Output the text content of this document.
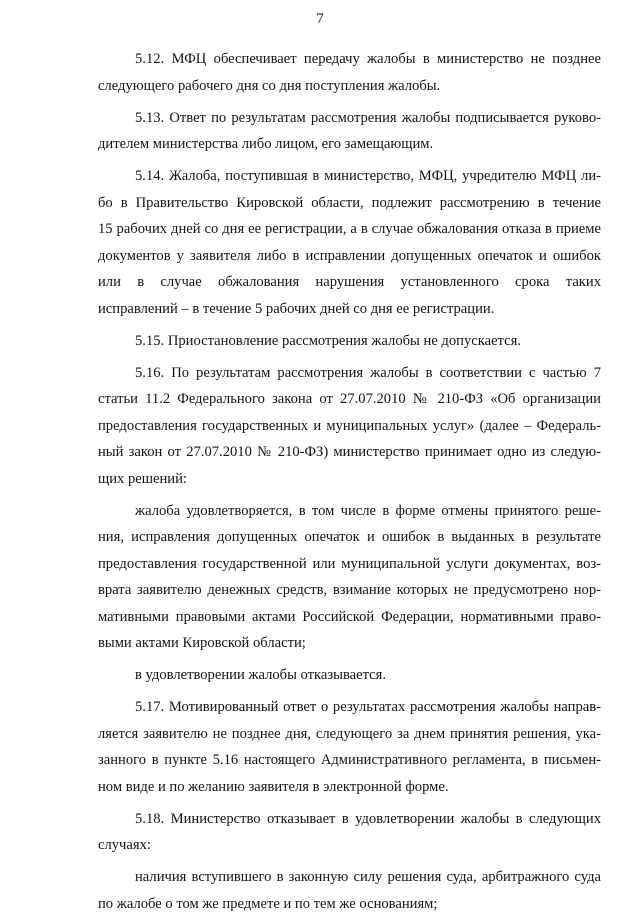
7
5.12. МФЦ обеспечивает передачу жалобы в министерство не позднее
следующего рабочего дня со дня поступления жалобы.
5.13. Ответ по результатам рассмотрения жалобы подписывается руково-
дителем министерства либо лицом, его замещающим.
5.14. Жалоба, поступившая в министерство, МФЦ, учредителю МФЦ ли-
бо в Правительство Кировской области, подлежит рассмотрению в течение
15 рабочих дней со дня ее регистрации, а в случае обжалования отказа в приеме
документов у заявителя либо в исправлении допущенных опечаток и ошибок
или в случае обжалования нарушения установленного срока таких
исправлений – в течение 5 рабочих дней со дня ее регистрации.
5.15. Приостановление рассмотрения жалобы не допускается.
5.16. По результатам рассмотрения жалобы в соответствии с частью 7
статьи 11.2 Федерального закона от 27.07.2010 № 210-ФЗ «Об организации
предоставления государственных и муниципальных услуг» (далее – Федераль-
ный закон от 27.07.2010 № 210-ФЗ) министерство принимает одно из следую-
щих решений:
жалоба удовлетворяется, в том числе в форме отмены принятого реше-
ния, исправления допущенных опечаток и ошибок в выданных в результате
предоставления государственной или муниципальной услуги документах, воз-
врата заявителю денежных средств, взимание которых не предусмотрено нор-
мативными правовыми актами Российской Федерации, нормативными право-
выми актами Кировской области;
в удовлетворении жалобы отказывается.
5.17. Мотивированный ответ о результатах рассмотрения жалобы направ-
ляется заявителю не позднее дня, следующего за днем принятия решения, ука-
занного в пункте 5.16 настоящего Административного регламента, в письмен-
ном виде и по желанию заявителя в электронной форме.
5.18. Министерство отказывает в удовлетворении жалобы в следующих
случаях:
наличия вступившего в законную силу решения суда, арбитражного суда
по жалобе о том же предмете и по тем же основаниям;
